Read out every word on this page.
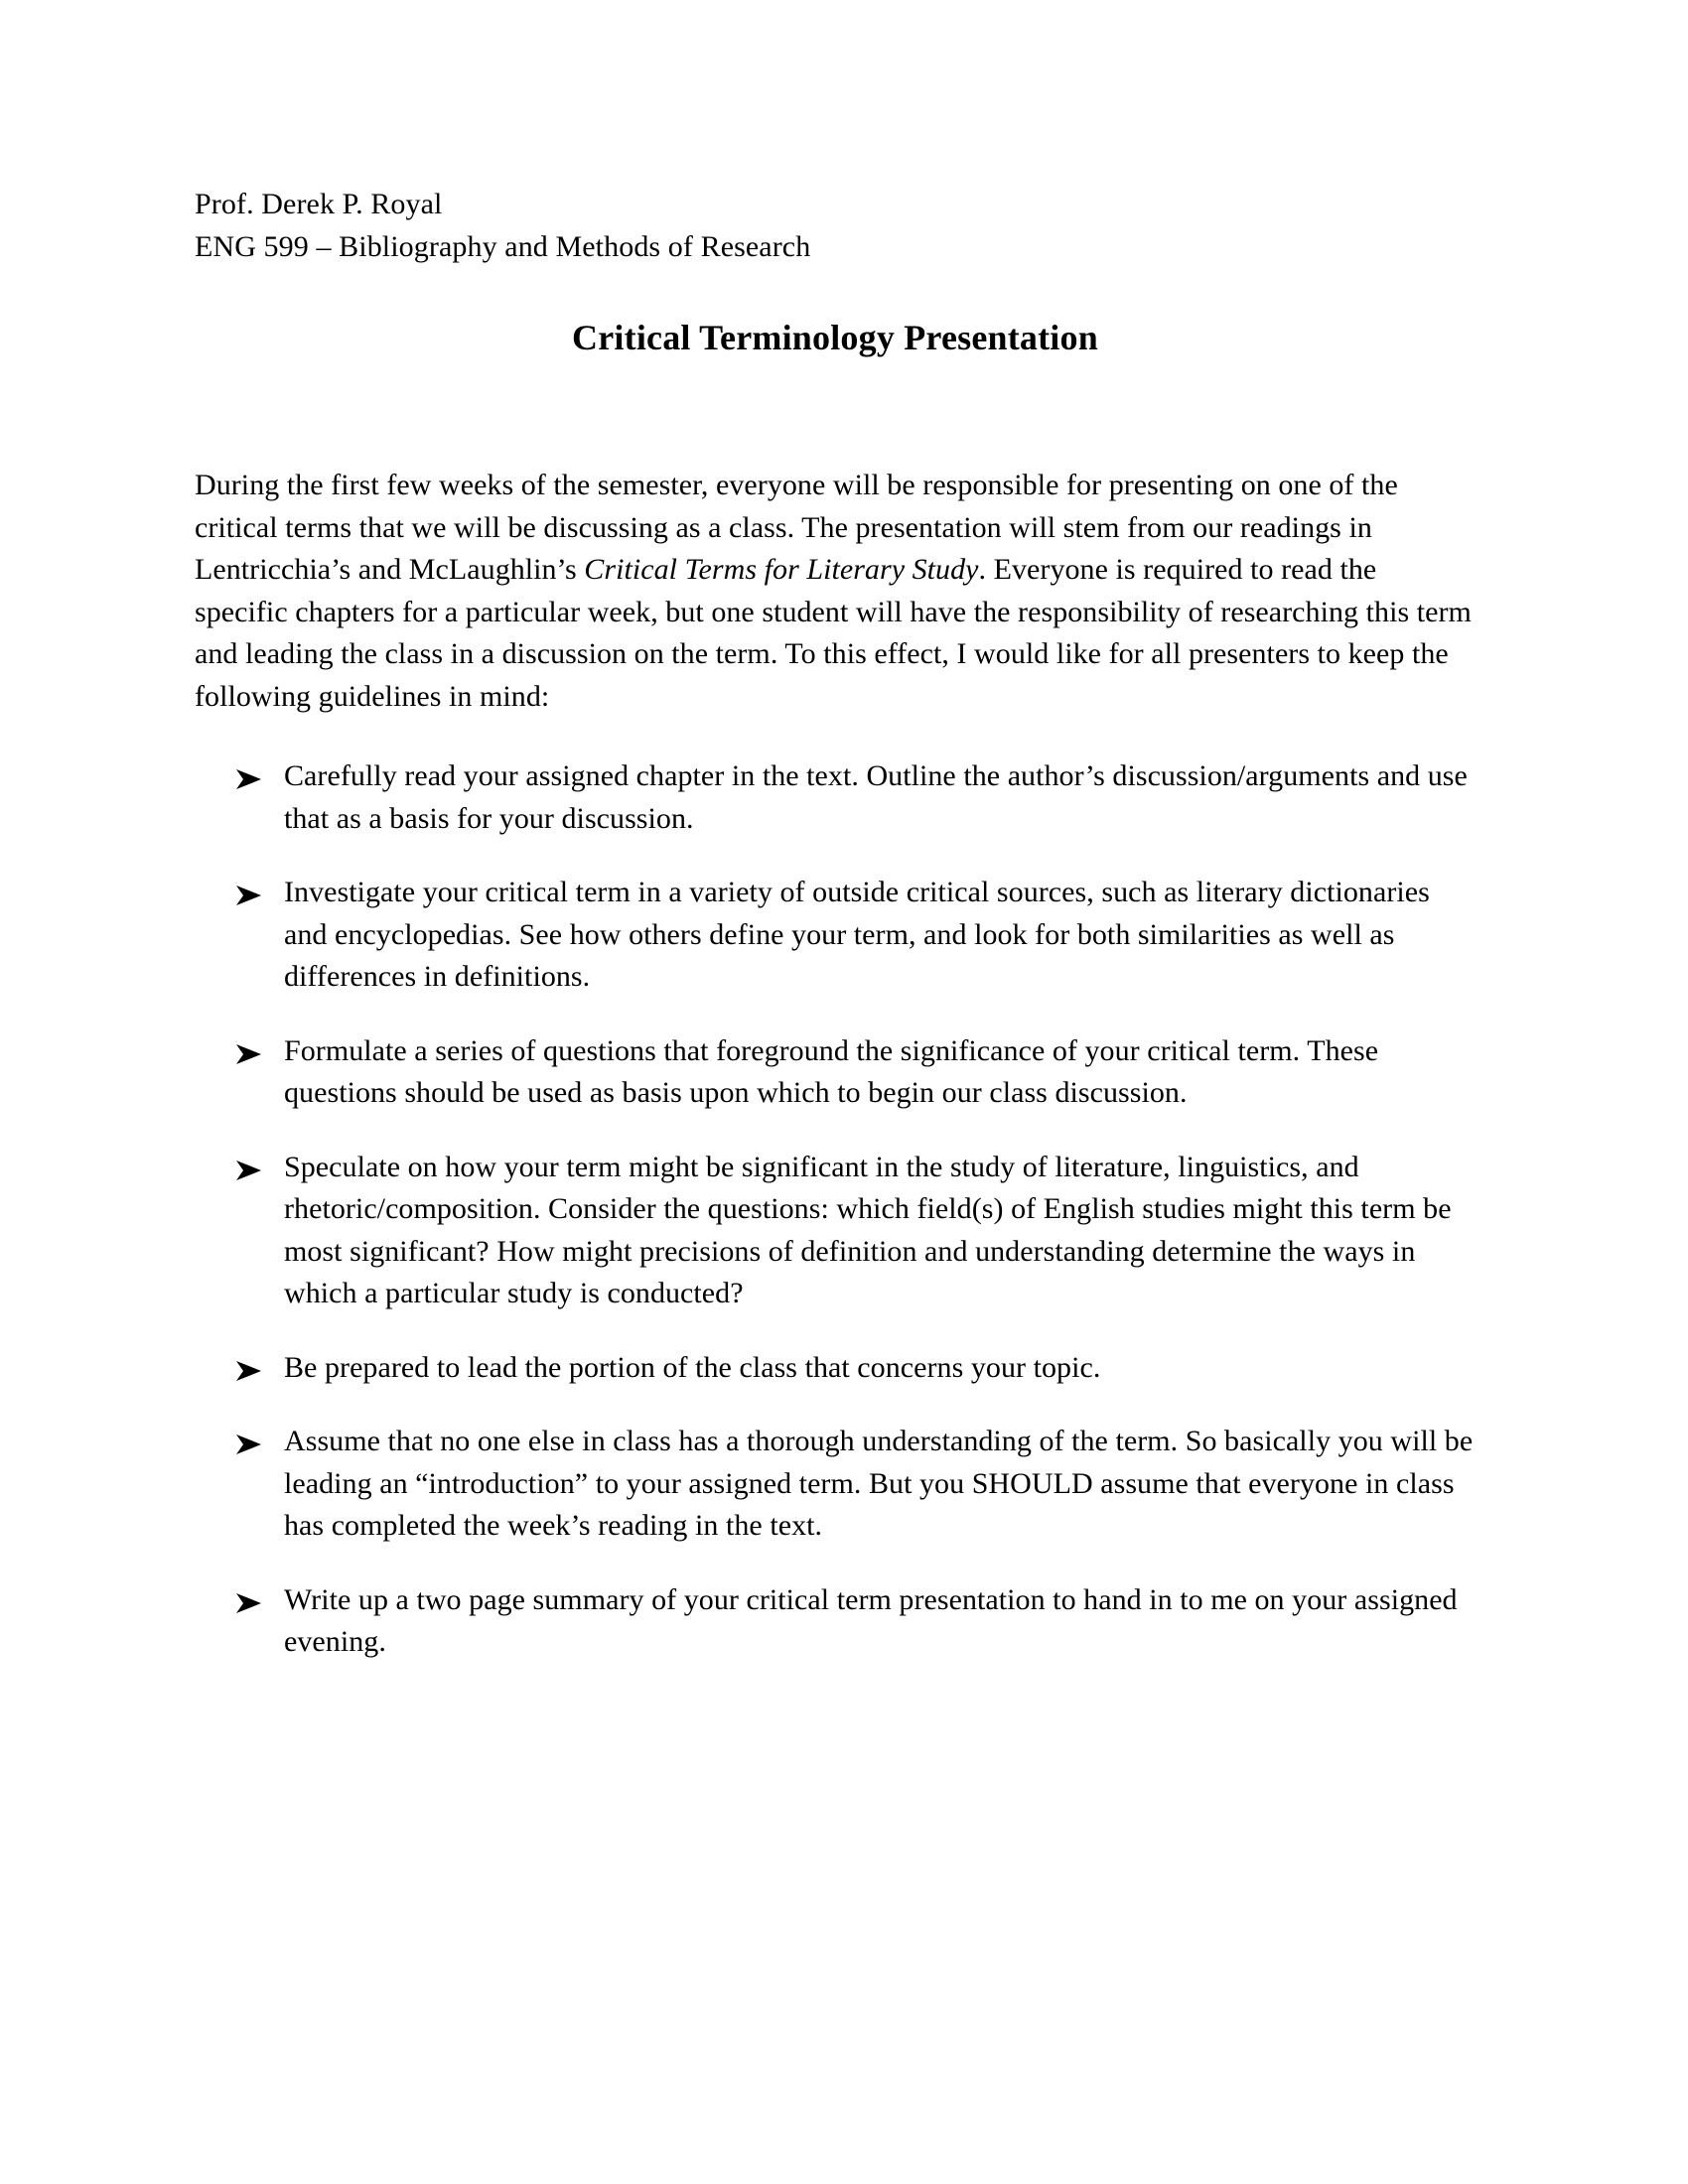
Prof. Derek P. Royal
ENG 599 – Bibliography and Methods of Research
Critical Terminology Presentation

During the first few weeks of the semester, everyone will be responsible for presenting on one of the critical terms that we will be discussing as a class. The presentation will stem from our readings in Lentricchia’s and McLaughlin’s Critical Terms for Literary Study. Everyone is required to read the specific chapters for a particular week, but one student will have the responsibility of researching this term and leading the class in a discussion on the term. To this effect, I would like for all presenters to keep the following guidelines in mind:

Carefully read your assigned chapter in the text. Outline the author’s discussion/arguments and use that as a basis for your discussion.
Investigate your critical term in a variety of outside critical sources, such as literary dictionaries and encyclopedias. See how others define your term, and look for both similarities as well as differences in definitions.
Formulate a series of questions that foreground the significance of your critical term. These questions should be used as basis upon which to begin our class discussion.
Speculate on how your term might be significant in the study of literature, linguistics, and rhetoric/composition. Consider the questions: which field(s) of English studies might this term be most significant? How might precisions of definition and understanding determine the ways in which a particular study is conducted?
Be prepared to lead the portion of the class that concerns your topic.
Assume that no one else in class has a thorough understanding of the term. So basically you will be leading an “introduction” to your assigned term. But you SHOULD assume that everyone in class has completed the week’s reading in the text.
Write up a two page summary of your critical term presentation to hand in to me on your assigned evening.
